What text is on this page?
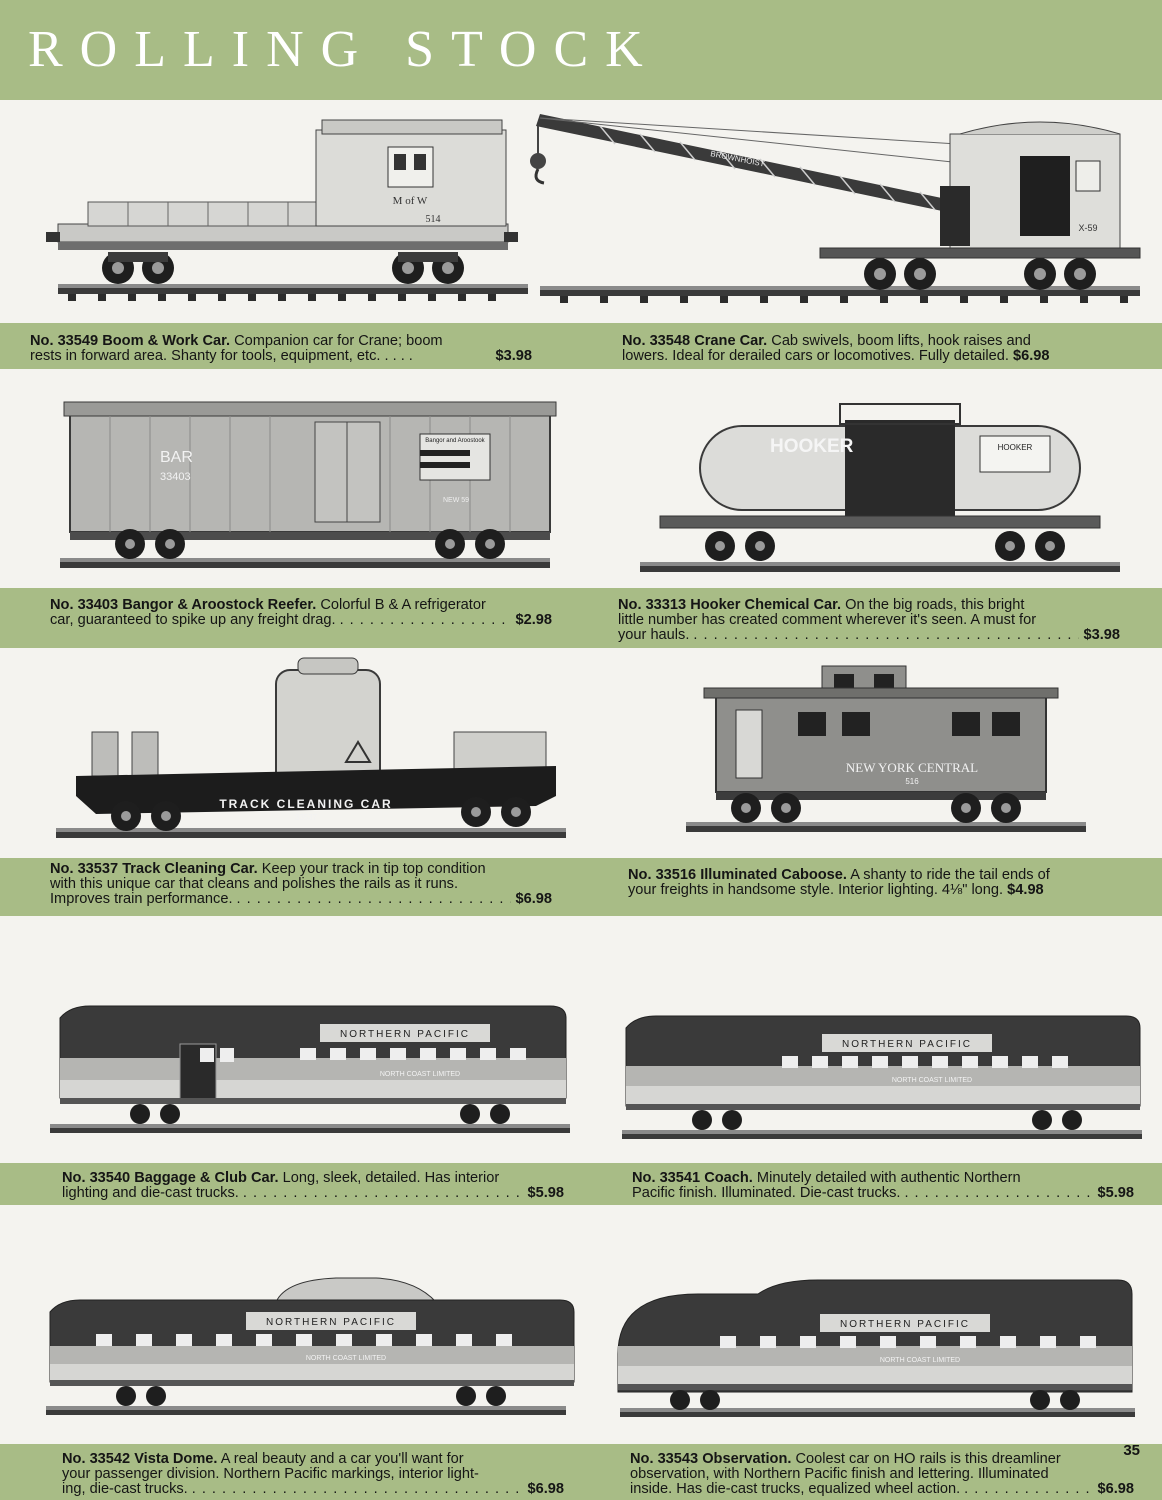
ROLLING STOCK
M of W
514
BROWNHOIST
X-59
BAR
33403
Bangor and Aroostook
NEW 59
HOOKER	HOOKER
TRACK CLEANING CAR
33537
NEW YORK CENTRAL
516
NORTHERN PACIFIC
NORTH COAST LIMITED
NORTHERN PACIFIC
NORTH COAST LIMITED
NORTHERN PACIFIC
NORTH COAST LIMITED
NORTHERN PACIFIC
NORTH COAST LIMITED
35
No. 33549 Boom & Work Car. Companion car for Crane; boom
rests in forward area. Shanty for tools, equipment, etc. . . . .	$3.98
No. 33548 Crane Car. Cab swivels, boom lifts, hook raises and
lowers. Ideal for derailed cars or locomotives. Fully detailed.
$6.98
No. 33403 Bangor & Aroostock Reefer. Colorful B & A refrigerator
car, guaranteed to spike up any freight drag. . . .	$2.98
No. 33313 Hooker Chemical Car. On the big roads, this bright
little number has created comment wherever it's seen. A must for
your hauls. . . .	$3.98
No. 33537 Track Cleaning Car. Keep your track in tip top condition
with this unique car that cleans and polishes the rails as it runs.
Improves train performance. . . .	$6.98
No. 33516 Illuminated Caboose. A shanty to ride the tail ends of
your freights in handsome style. Interior lighting. 4⅛" long.
$4.98
No. 33540 Baggage & Club Car. Long, sleek, detailed. Has interior
lighting and die-cast trucks. . . .	$5.98
No. 33541 Coach. Minutely detailed with authentic Northern
Pacific finish. Illuminated. Die-cast trucks. . . .	$5.98
No. 33542 Vista Dome. A real beauty and a car you'll want for
your passenger division. Northern Pacific markings, interior light-
ing, die-cast trucks. . . .	$6.98
No. 33543 Observation. Coolest car on HO rails is this dreamliner
observation, with Northern Pacific finish and lettering. Illuminated
inside. Has die-cast trucks, equalized wheel action. . . .	$6.98
